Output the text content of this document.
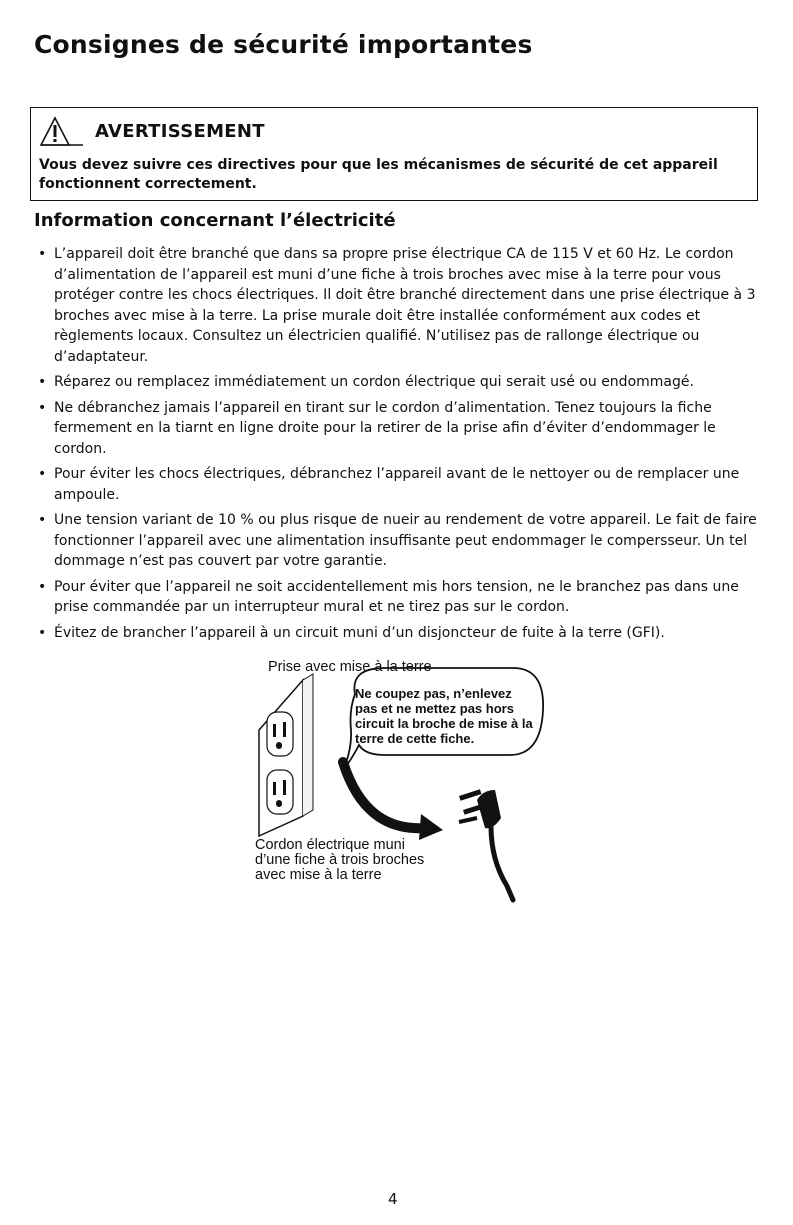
Consignes de sécurité importantes
AVERTISSEMENT

Vous devez suivre ces directives pour que les mécanismes de sécurité de cet appareil fonctionnent correctement.

Information concernant l’électricité
• L’appareil doit être branché que dans sa propre prise électrique CA de 115 V et 60 Hz. Le cordon d’alimentation de l’appareil est muni d’une fiche à trois broches avec mise à la terre pour vous protéger contre les chocs électriques. Il doit être branché directement dans une prise électrique à 3 broches avec mise à la terre. La prise murale doit être installée conformément aux codes et règlements locaux. Consultez un électricien qualifié. N’utilisez pas de rallonge électrique ou d’adaptateur.
• Réparez ou remplacez immédiatement un cordon électrique qui serait usé ou endommagé.
• Ne débranchez jamais l’appareil en tirant sur le cordon d’alimentation. Tenez toujours la fiche fermement en la tiarnt en ligne droite pour la retirer de la prise afin d’éviter d’endommager le cordon.
• Pour éviter les chocs électriques, débranchez l’appareil avant de le nettoyer ou de remplacer une ampoule.
• Une tension variant de 10 % ou plus risque de nueir au rendement de votre appareil. Le fait de faire fonctionner l’appareil avec une alimentation insuffisante peut endommager le compersseur. Un tel dommage n’est pas couvert par votre garantie.
• Pour éviter que l’appareil ne soit accidentellement mis hors tension, ne le branchez pas dans une prise commandée par un interrupteur mural et ne tirez pas sur le cordon.
• Évitez de brancher l’appareil à un circuit muni d’un disjoncteur de fuite à la terre (GFI).
Prise avec mise à la terre
Ne coupez pas, n’enlevez pas et ne mettez pas hors circuit la broche de mise à la terre de cette fiche.
Cordon électrique muni
d’une fiche à trois broches
avec mise à la terre
4
